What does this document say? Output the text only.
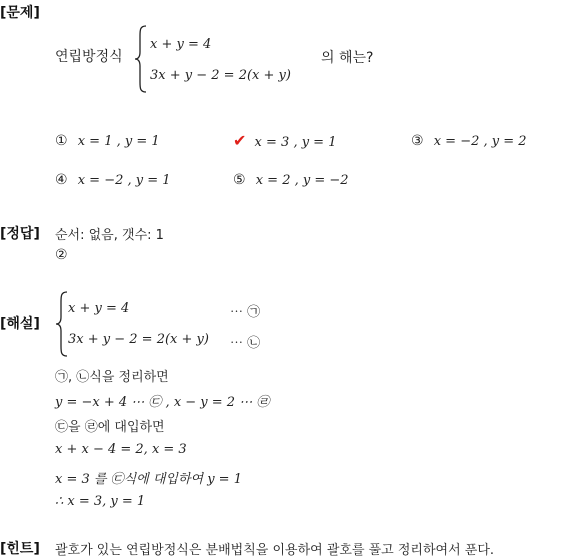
[문제]
연립방정식
x + y = 4
3x + y − 2 = 2(x + y)
의 해는?
① x = 1 , y = 1	✔ x = 3 , y = 1	③ x = −2 , y = 2
④ x = −2 , y = 1	⑤ x = 2 , y = −2
[정답] 순서: 없음, 갯수: 1
②
[해설]
x + y = 4	⋯ ㉠
3x + y − 2 = 2(x + y) ⋯ ㉡
㉠, ㉡식을 정리하면
y = −x + 4 ⋯ ㉢ , x − y = 2 ⋯ ㉣
㉢을 ㉣에 대입하면
x + x − 4 = 2, x = 3
x = 3 를 ㉢식에 대입하여 y = 1
∴ x = 3, y = 1
[힌트] 괄호가 있는 연립방정식은 분배법칙을 이용하여 괄호를 풀고 정리하여서 푼다.
